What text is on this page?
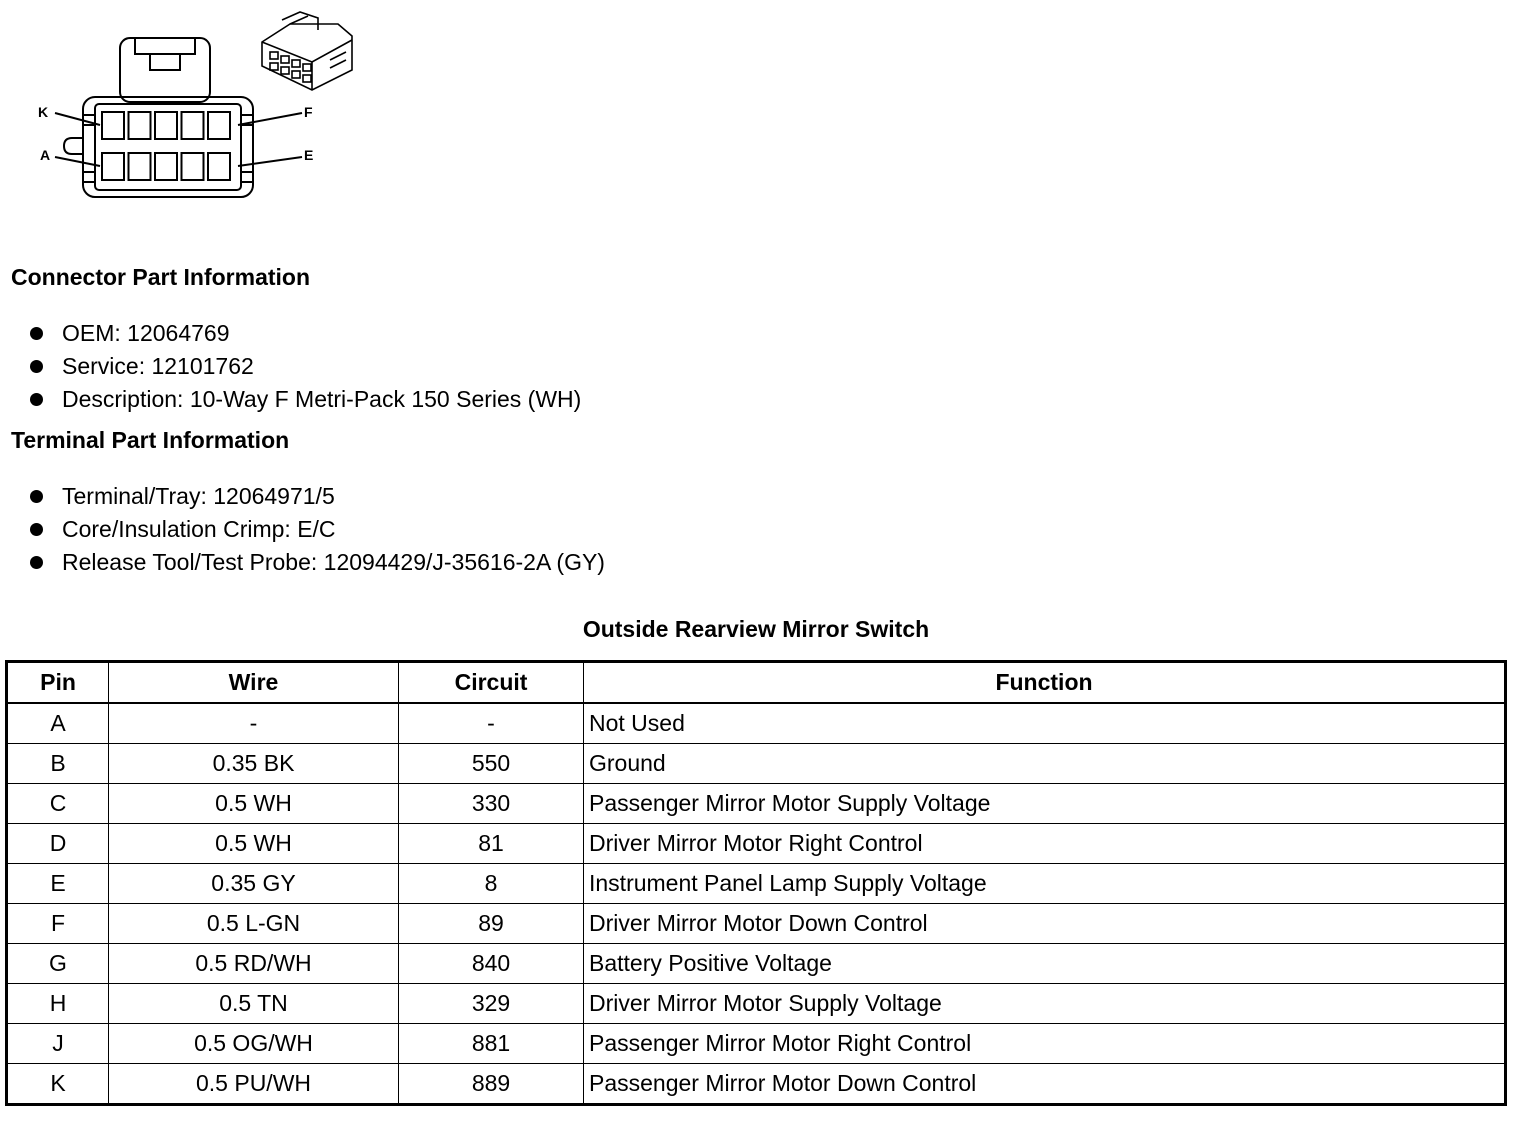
K	F
A	E
Connector Part Information
OEM: 12064769
Service: 12101762
Description: 10-Way F Metri-Pack 150 Series (WH)
Terminal Part Information
Terminal/Tray: 12064971/5
Core/Insulation Crimp: E/C
Release Tool/Test Probe: 12094429/J-35616-2A (GY)
Outside Rearview Mirror Switch
Pin	Wire	Circuit	Function
A	-	-	Not Used
B	0.35 BK	550	Ground
C	0.5 WH	330	Passenger Mirror Motor Supply Voltage
D	0.5 WH	81	Driver Mirror Motor Right Control
E	0.35 GY	8	Instrument Panel Lamp Supply Voltage
F	0.5 L-GN	89	Driver Mirror Motor Down Control
G	0.5 RD/WH	840	Battery Positive Voltage
H	0.5 TN	329	Driver Mirror Motor Supply Voltage
J	0.5 OG/WH	881	Passenger Mirror Motor Right Control
K	0.5 PU/WH	889	Passenger Mirror Motor Down Control
